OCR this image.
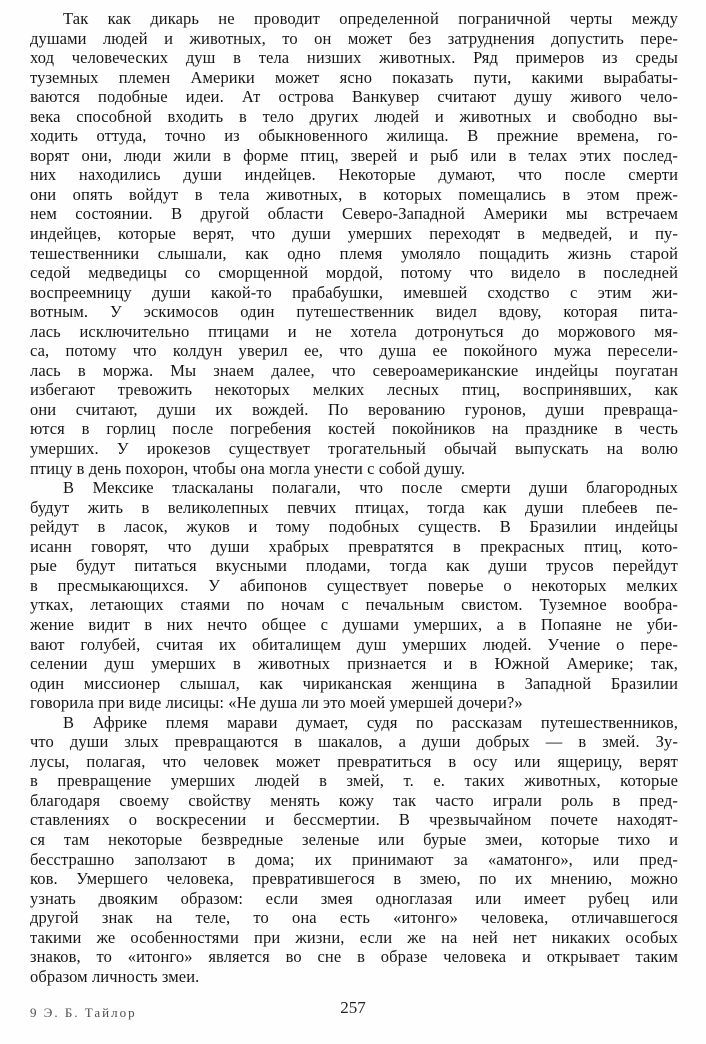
Так как дикарь не проводит определенной пограничной черты между
душами людей и животных, то он может без затруднения допустить пере-
ход человеческих душ в тела низших животных. Ряд примеров из среды
туземных племен Америки может ясно показать пути, какими вырабаты-
ваются подобные идеи. Ат острова Ванкувер считают душу живого чело-
века способной входить в тело других людей и животных и свободно вы-
ходить оттуда, точно из обыкновенного жилища. В прежние времена, го-
ворят они, люди жили в форме птиц, зверей и рыб или в телах этих послед-
них находились души индейцев. Некоторые думают, что после смерти
они опять войдут в тела животных, в которых помещались в этом преж-
нем состоянии. В другой области Северо-Западной Америки мы встречаем
индейцев, которые верят, что души умерших переходят в медведей, и пу-
тешественники слышали, как одно племя умоляло пощадить жизнь старой
седой медведицы со сморщенной мордой, потому что видело в последней
воспреемницу души какой-то прабабушки, имевшей сходство с этим жи-
вотным. У эскимосов один путешественник видел вдову, которая пита-
лась исключительно птицами и не хотела дотронуться до моржового мя-
са, потому что колдун уверил ее, что душа ее покойного мужа пересели-
лась в моржа. Мы знаем далее, что североамериканские индейцы поугатан
избегают тревожить некоторых мелких лесных птиц, воспринявших, как
они считают, души их вождей. По верованию гуронов, души превраща-
ются в горлиц после погребения костей покойников на празднике в честь
умерших. У ирокезов существует трогательный обычай выпускать на волю
птицу в день похорон, чтобы она могла унести с собой душу.
В Мексике тласкаланы полагали, что после смерти души благородных
будут жить в великолепных певчих птицах, тогда как души плебеев пе-
рейдут в ласок, жуков и тому подобных существ. В Бразилии индейцы
исанн говорят, что души храбрых превратятся в прекрасных птиц, кото-
рые будут питаться вкусными плодами, тогда как души трусов перейдут
в пресмыкающихся. У абипонов существует поверье о некоторых мелких
утках, летающих стаями по ночам с печальным свистом. Туземное вообра-
жение видит в них нечто общее с душами умерших, а в Попаяне не уби-
вают голубей, считая их обиталищем душ умерших людей. Учение о пере-
селении душ умерших в животных признается и в Южной Америке; так,
один миссионер слышал, как чириканская женщина в Западной Бразилии
говорила при виде лисицы: «Не душа ли это моей умершей дочери?»
В Африке племя марави думает, судя по рассказам путешественников,
что души злых превращаются в шакалов, а души добрых — в змей. Зу-
лусы, полагая, что человек может превратиться в осу или ящерицу, верят
в превращение умерших людей в змей, т. е. таких животных, которые
благодаря своему свойству менять кожу так часто играли роль в пред-
ставлениях о воскресении и бессмертии. В чрезвычайном почете находят-
ся там некоторые безвредные зеленые или бурые змеи, которые тихо и
бесстрашно заползают в дома; их принимают за «аматонго», или пред-
ков. Умершего человека, превратившегося в змею, по их мнению, можно
узнать двояким образом: если змея одноглазая или имеет рубец или
другой знак на теле, то она есть «итонго» человека, отличавшегося
такими же особенностями при жизни, если же на ней нет никаких особых
знаков, то «итонго» является во сне в образе человека и открывает таким
образом личность змеи.
9 Э. Б. Тайлор	257
